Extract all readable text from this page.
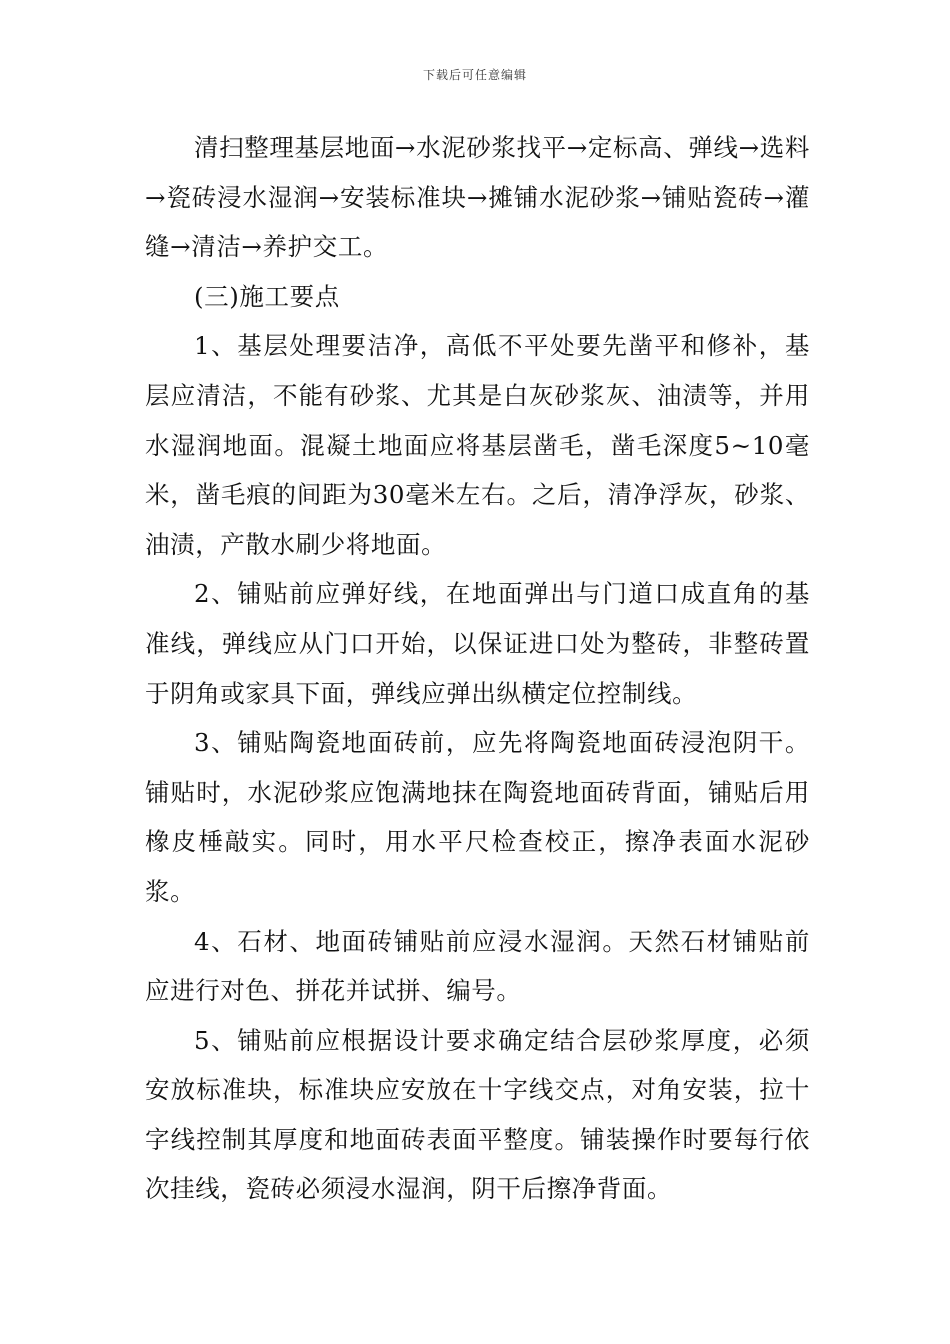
下载后可任意编辑

清扫整理基层地面→水泥砂浆找平→定标高、弹线→选料→瓷砖浸水湿润→安装标准块→摊铺水泥砂浆→铺贴瓷砖→灌缝→清洁→养护交工。

(三)施工要点

1、基层处理要洁净，高低不平处要先凿平和修补，基层应清洁，不能有砂浆、尤其是白灰砂浆灰、油渍等，并用水湿润地面。混凝土地面应将基层凿毛，凿毛深度5~10毫米，凿毛痕的间距为30毫米左右。之后，清净浮灰，砂浆、油渍，产散水刷少将地面。

2、铺贴前应弹好线，在地面弹出与门道口成直角的基准线，弹线应从门口开始，以保证进口处为整砖，非整砖置于阴角或家具下面，弹线应弹出纵横定位控制线。

3、铺贴陶瓷地面砖前，应先将陶瓷地面砖浸泡阴干。铺贴时，水泥砂浆应饱满地抹在陶瓷地面砖背面，铺贴后用橡皮棰敲实。同时，用水平尺检查校正，擦净表面水泥砂浆。

4、石材、地面砖铺贴前应浸水湿润。天然石材铺贴前应进行对色、拼花并试拼、编号。

5、铺贴前应根据设计要求确定结合层砂浆厚度，必须安放标准块，标准块应安放在十字线交点，对角安装，拉十字线控制其厚度和地面砖表面平整度。铺装操作时要每行依次挂线，瓷砖必须浸水湿润，阴干后擦净背面。
